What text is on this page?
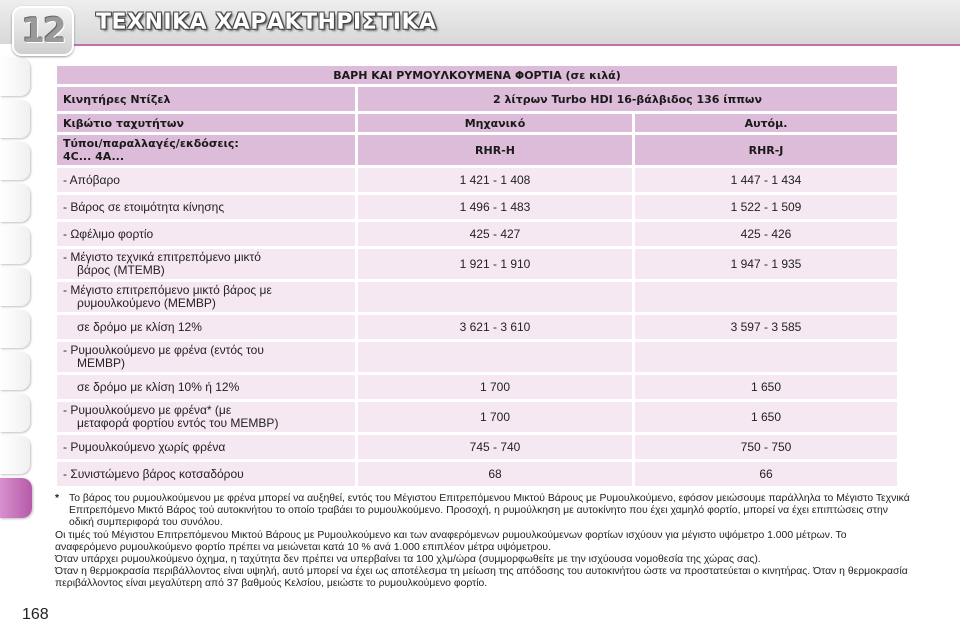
12	ΤΕΧΝΙΚΑ ΧΑΡΑΚΤΗΡΙΣΤΙΚΑ
ΒΑΡΗ ΚΑΙ ΡΥΜΟΥΛΚΟΥΜΕΝΑ ΦΟΡΤΙΑ (σε κιλά)		
Κινητήρες Ντίζελ	2 λίτρων Turbo HDI 16-βάλβιδος 136 ίππων	
Κιβώτιο ταχυτήτων	Μηχανικό	Αυτόμ.
Τύποι/παραλλαγές/εκδόσεις:
4C... 4A...	RHR-H	RHR-J
- Απόβαρο	1 421 - 1 408	1 447 - 1 434
- Βάρος σε ετοιμότητα κίνησης	1 496 - 1 483	1 522 - 1 509
- Ωφέλιμο φορτίο	425 - 427	425 - 426
- Μέγιστο τεχνικά επιτρεπόμενο μικτό
βάρος (MTEMB)	1 921 - 1 910	1 947 - 1 935
- Μέγιστο επιτρεπόμενο μικτό βάρος με
ρυμουλκούμενο (MEMBP)		
σε δρόμο με κλίση 12%	3 621 - 3 610	3 597 - 3 585
- Ρυμουλκούμενο με φρένα (εντός του
MEMBP)		
σε δρόμο με κλίση 10% ή 12%	1 700	1 650
- Ρυμουλκούμενο με φρένα* (με
μεταφορά φορτίου εντός του MEMBP)	1 700	1 650
- Ρυμουλκούμενο χωρίς φρένα	745 - 740	750 - 750
- Συνιστώμενο βάρος κοτσαδόρου	68	66
* Το βάρος του ρυμουλκούμενου με φρένα μπορεί να αυξηθεί, εντός του Μέγιστου Επιτρεπόμενου Μικτού Βάρους με Ρυμουλκούμενο, εφόσον μειώσουμε παράλληλα το Μέγιστο Τεχνικά Επιτρεπόμενο Μικτό Βάρος τού αυτοκινήτου το οποίο τραβάει το ρυμουλκούμενο. Προσοχή, η ρυμούλκηση με αυτοκίνητο που έχει χαμηλό φορτίο, μπορεί να έχει επιπτώσεις στην οδική συμπεριφορά του συνόλου.

Οι τιμές τού Μέγιστου Επιτρεπόμενου Μικτού Βάρους με Ρυμουλκούμενο και των αναφερόμενων ρυμουλκούμενων φορτίων ισχύουν για μέγιστο υψόμετρο 1.000 μέτρων. Το αναφερόμενο ρυμουλκούμενο φορτίο πρέπει να μειώνεται κατά 10 % ανά 1.000 επιπλέον μέτρα υψόμετρου.

Όταν υπάρχει ρυμουλκούμενο όχημα, η ταχύτητα δεν πρέπει να υπερβαίνει τα 100 χλμ/ώρα (συμμορφωθείτε με την ισχύουσα νομοθεσία της χώρας σας).

Όταν η θερμοκρασία περιβάλλοντος είναι υψηλή, αυτό μπορεί να έχει ως αποτέλεσμα τη μείωση της απόδοσης του αυτοκινήτου ώστε να προστατεύεται ο κινητήρας. Όταν η θερμοκρασία περιβάλλοντος είναι μεγαλύτερη από 37 βαθμούς Κελσίου, μειώστε το ρυμουλκούμενο φορτίο.

168
